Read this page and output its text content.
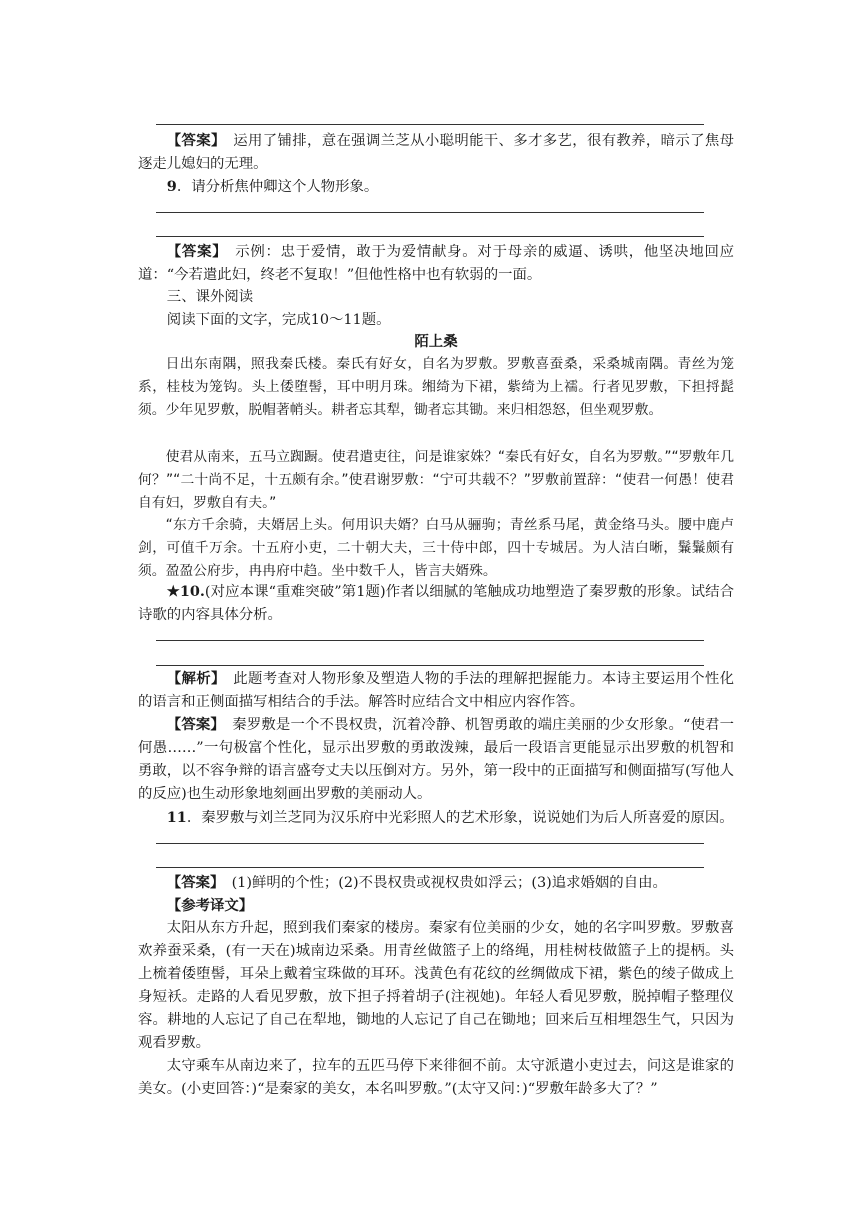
【答案】　运用了铺排，意在强调兰芝从小聪明能干、多才多艺，很有教养，暗示了焦母逐走儿媳妇的无理。
9．请分析焦仲卿这个人物形象。
【答案】　示例：忠于爱情，敢于为爱情献身。对于母亲的威逼、诱哄，他坚决地回应道：“今若遣此妇，终老不复取！”但他性格中也有软弱的一面。
三、课外阅读
阅读下面的文字，完成10～11题。
陌上桑
日出东南隅，照我秦氏楼。秦氏有好女，自名为罗敷。罗敷喜蚕桑，采桑城南隅。青丝为笼系，桂枝为笼钩。头上倭堕髻，耳中明月珠。缃绮为下裙，紫绮为上襦。行者见罗敷，下担捋髭须。少年见罗敷，脱帽著帩头。耕者忘其犁，锄者忘其锄。来归相怨怒，但坐观罗敷。
使君从南来，五马立踟蹰。使君遣吏往，问是谁家姝？“秦氏有好女，自名为罗敷。”“罗敷年几何？”“二十尚不足，十五颇有余。”使君谢罗敷：“宁可共载不？”罗敷前置辞：“使君一何愚！使君自有妇，罗敷自有夫。”
“东方千余骑，夫婿居上头。何用识夫婿？白马从骊驹；青丝系马尾，黄金络马头。腰中鹿卢剑，可值千万余。十五府小吏，二十朝大夫，三十侍中郎，四十专城居。为人洁白晰，鬑鬑颇有须。盈盈公府步，冉冉府中趋。坐中数千人，皆言夫婿殊。
★10.(对应本课“重难突破”第1题)作者以细腻的笔触成功地塑造了秦罗敷的形象。试结合诗歌的内容具体分析。
【解析】　此题考查对人物形象及塑造人物的手法的理解把握能力。本诗主要运用个性化的语言和正侧面描写相结合的手法。解答时应结合文中相应内容作答。
【答案】　秦罗敷是一个不畏权贵，沉着冷静、机智勇敢的端庄美丽的少女形象。“使君一何愚……”一句极富个性化，显示出罗敷的勇敢泼辣，最后一段语言更能显示出罗敷的机智和勇敢，以不容争辩的语言盛夸丈夫以压倒对方。另外，第一段中的正面描写和侧面描写(写他人的反应)也生动形象地刻画出罗敷的美丽动人。
11．秦罗敷与刘兰芝同为汉乐府中光彩照人的艺术形象，说说她们为后人所喜爱的原因。
【答案】　(1)鲜明的个性；(2)不畏权贵或视权贵如浮云；(3)追求婚姻的自由。
【参考译文】
太阳从东方升起，照到我们秦家的楼房。秦家有位美丽的少女，她的名字叫罗敷。罗敷喜欢养蚕采桑，(有一天在)城南边采桑。用青丝做篮子上的络绳，用桂树枝做篮子上的提柄。头上梳着倭堕髻，耳朵上戴着宝珠做的耳环。浅黄色有花纹的丝绸做成下裙，紫色的绫子做成上身短袄。走路的人看见罗敷，放下担子捋着胡子(注视她)。年轻人看见罗敷，脱掉帽子整理仪容。耕地的人忘记了自己在犁地，锄地的人忘记了自己在锄地；回来后互相埋怨生气，只因为观看罗敷。
太守乘车从南边来了，拉车的五匹马停下来徘徊不前。太守派遣小吏过去，问这是谁家的美女。(小吏回答：)“是秦家的美女，本名叫罗敷。”(太守又问：)“罗敷年龄多大了？”
